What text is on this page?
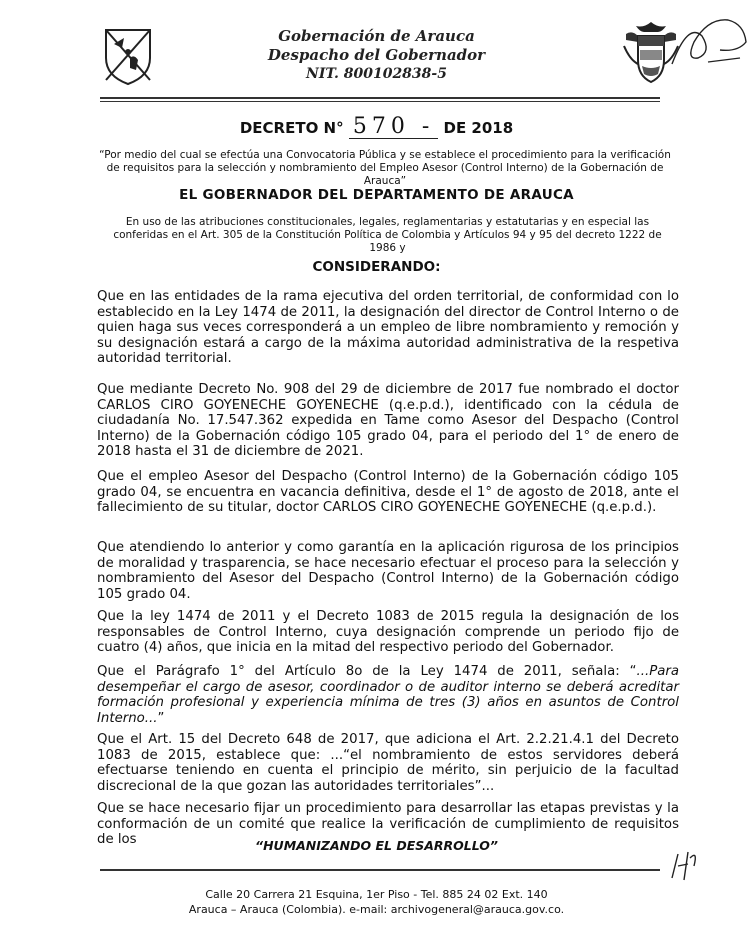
Gobernación de Arauca
Despacho del Gobernador
NIT. 800102838-5
DECRETO N° 570 - DE 2018
“Por medio del cual se efectúa una Convocatoria Pública y se establece el procedimiento para la verificación de requisitos para la selección y nombramiento del Empleo Asesor (Control Interno) de la Gobernación de Arauca”
EL GOBERNADOR DEL DEPARTAMENTO DE ARAUCA
En uso de las atribuciones constitucionales, legales, reglamentarias y estatutarias y en especial las conferidas en el Art. 305 de la Constitución Política de Colombia y Artículos 94 y 95 del decreto 1222 de 1986 y
CONSIDERANDO:
Que en las entidades de la rama ejecutiva del orden territorial, de conformidad con lo establecido en la Ley 1474 de 2011, la designación del director de Control Interno o de quien haga sus veces corresponderá a un empleo de libre nombramiento y remoción y su designación estará a cargo de la máxima autoridad administrativa de la respetiva autoridad territorial.
Que mediante Decreto No. 908 del 29 de diciembre de 2017 fue nombrado el doctor CARLOS CIRO GOYENECHE GOYENECHE (q.e.p.d.), identificado con la cédula de ciudadanía No. 17.547.362 expedida en Tame como Asesor del Despacho (Control Interno) de la Gobernación código 105 grado 04, para el periodo del 1° de enero de 2018 hasta el 31 de diciembre de 2021.
Que el empleo Asesor del Despacho (Control Interno) de la Gobernación código 105 grado 04, se encuentra en vacancia definitiva, desde el 1° de agosto de 2018, ante el fallecimiento de su titular, doctor CARLOS CIRO GOYENECHE GOYENECHE (q.e.p.d.).
Que atendiendo lo anterior y como garantía en la aplicación rigurosa de los principios de moralidad y trasparencia, se hace necesario efectuar el proceso para la selección y nombramiento del Asesor del Despacho (Control Interno) de la Gobernación código 105 grado 04.
Que la ley 1474 de 2011 y el Decreto 1083 de 2015 regula la designación de los responsables de Control Interno, cuya designación comprende un periodo fijo de cuatro (4) años, que inicia en la mitad del respectivo periodo del Gobernador.
Que el Parágrafo 1° del Artículo 8o de la Ley 1474 de 2011, señala: “...Para desempeñar el cargo de asesor, coordinador o de auditor interno se deberá acreditar formación profesional y experiencia mínima de tres (3) años en asuntos de Control Interno...”
Que el Art. 15 del Decreto 648 de 2017, que adiciona el Art. 2.2.21.4.1 del Decreto 1083 de 2015, establece que: ...“el nombramiento de estos servidores deberá efectuarse teniendo en cuenta el principio de mérito, sin perjuicio de la facultad discrecional de la que gozan las autoridades territoriales”...
Que se hace necesario fijar un procedimiento para desarrollar las etapas previstas y la conformación de un comité que realice la verificación de cumplimiento de requisitos de los	“HUMANIZANDO EL DESARROLLO”
Calle 20 Carrera 21 Esquina, 1er Piso - Tel. 885 24 02 Ext. 140
Arauca – Arauca (Colombia). e-mail: archivogeneral@arauca.gov.co.
